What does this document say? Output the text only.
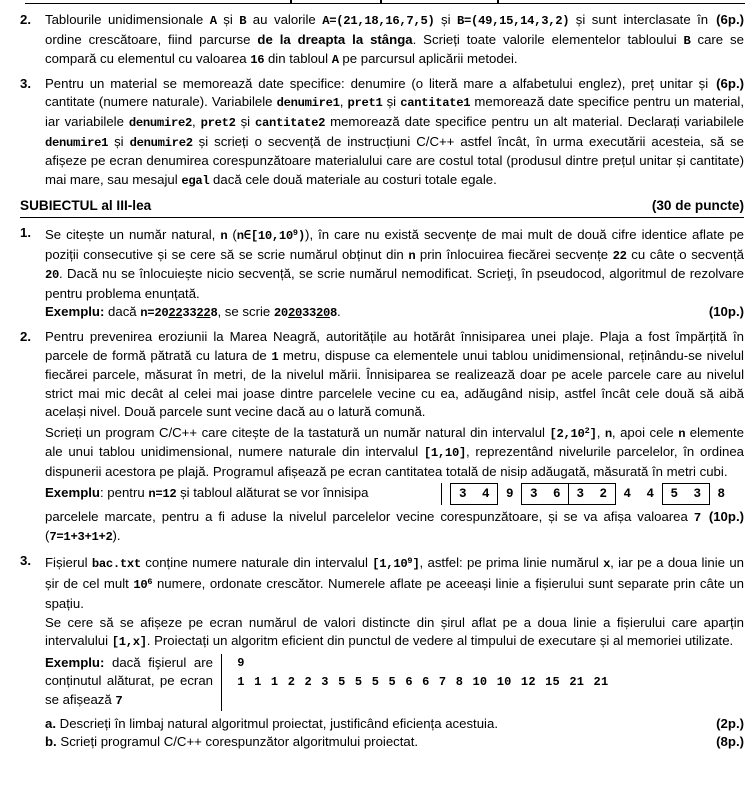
2.	(6p.)
Tablourile unidimensionale A și B au valorile A=(21,18,16,7,5) și B=(49,15,14,3,2) și sunt interclasate în ordine crescătoare, fiind parcurse de la dreapta la stânga. Scrieți toate valorile elementelor tabloului B care se compară cu elementul cu valoarea 16 din tabloul A pe parcursul aplicării metodei.
3.	(6p.)
Pentru un material se memorează date specifice: denumire (o literă mare a alfabetului englez), preț unitar și cantitate (numere naturale). Variabilele denumire1, pret1 și cantitate1 memorează date specifice pentru un material, iar variabilele denumire2, pret2 și cantitate2 memorează date specifice pentru un alt material. Declarați variabilele denumire1 și denumire2 și scrieți o secvență de instrucțiuni C/C++ astfel încât, în urma executării acesteia, să se afișeze pe ecran denumirea corespunzătoare materialului care are costul total (produsul dintre prețul unitar și cantitate) mai mare, sau mesajul egal dacă cele două materiale au costuri totale egale.
SUBIECTUL al III-lea	(30 de puncte)
1.	Se citește un număr natural, n (n∈[10,10$^9$)), în care nu există secvențe de mai mult de două cifre identice aflate pe poziții consecutive și se cere să se scrie numărul obținut din n prin înlocuirea fiecărei secvențe 22 cu câte o secvență 20. Dacă nu se înlocuiește nicio secvență, se scrie numărul nemodificat. Scrieţi, în pseudocod, algoritmul de rezolvare pentru problema enunțată.
(10p.)
Exemplu: dacă n=202233228, se scrie 202033208.
2.	Pentru prevenirea eroziunii la Marea Neagră, autoritățile au hotărât înnisiparea unei plaje. Plaja a fost împărțită în parcele de formă pătrată cu latura de 1 metru, dispuse ca elementele unui tablou unidimensional, reținându-se nivelul fiecărei parcele, măsurat în metri, de la nivelul mării. Înnisiparea se realizează doar pe acele parcele care au nivelul strict mai mic decât al celei mai joase dintre parcelele vecine cu ea, adăugând nisip, astfel încât cele două să aibă același nivel. Două parcele sunt vecine dacă au o latură comună.
Scrieți un program C/C++ care citește de la tastatură un număr natural din intervalul [2,10$^2$], n, apoi cele n elemente ale unui tablou unidimensional, numere naturale din intervalul [1,10], reprezentând nivelurile parcelelor, în ordinea dispunerii acestora pe plajă. Programul afișează pe ecran cantitatea totală de nisip adăugată, măsurată în metri cubi.
Exemplu: pentru n=12 și tabloul alăturat se vor înnisipa	3	4	9	3	6	3	2	4	4	5	3	8
(10p.)
parcelele marcate, pentru a fi aduse la nivelul parcelelor vecine corespunzătoare, și se va afișa valoarea 7 (7=1+3+1+2).
3.	Fișierul bac.txt conține numere naturale din intervalul [1,10$^9$], astfel: pe prima linie numărul x, iar pe a doua linie un șir de cel mult $10^6$ numere, ordonate crescător. Numerele aflate pe aceeași linie a fișierului sunt separate prin câte un spațiu.
Se cere să se afișeze pe ecran numărul de valori distincte din șirul aflat pe a doua linie a fișierului care aparțin intervalului [1,x]. Proiectați un algoritm eficient din punctul de vedere al timpului de executare și al memoriei utilizate.
Exemplu: dacă fişierul are conținutul alăturat, pe ecran se afișează 7
9
1 1 1 2 2 3 5 5 5 5 6 6 7 8 10 10 12 15 21 21
(2p.)
a. Descrieți în limbaj natural algoritmul proiectat, justificând eficiența acestuia.
(8p.)
b. Scrieți programul C/C++ corespunzător algoritmului proiectat.
